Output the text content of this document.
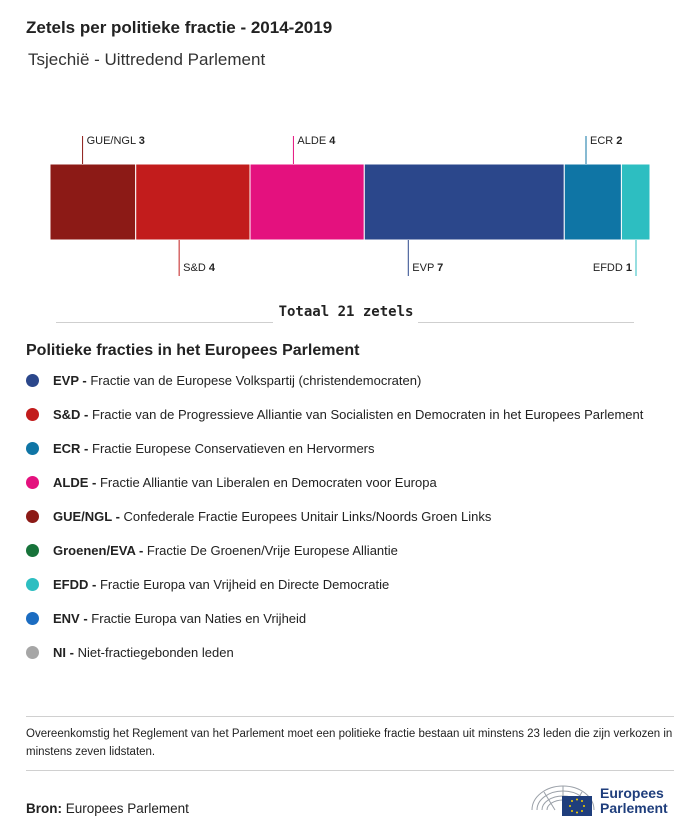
Zetels per politieke fractie - 2014-2019
Tsjechië - Uittredend Parlement
GUE/NGL 3
S&D 4
ALDE 4
EVP 7
ECR 2
EFDD 1
Totaal 21 zetels
Politieke fracties in het Europees Parlement
EVP - Fractie van de Europese Volkspartij (christendemocraten)
S&D - Fractie van de Progressieve Alliantie van Socialisten en Democraten in het Europees Parlement
ECR - Fractie Europese Conservatieven en Hervormers
ALDE - Fractie Alliantie van Liberalen en Democraten voor Europa
GUE/NGL - Confederale Fractie Europees Unitair Links/Noords Groen Links
Groenen/EVA - Fractie De Groenen/Vrije Europese Alliantie
EFDD - Fractie Europa van Vrijheid en Directe Democratie
ENV - Fractie Europa van Naties en Vrijheid
NI - Niet-fractiegebonden leden
Overeenkomstig het Reglement van het Parlement moet een politieke fractie bestaan uit minstens 23 leden die zijn verkozen in minstens zeven lidstaten.
Bron: Europees Parlement
Europees
Parlement
